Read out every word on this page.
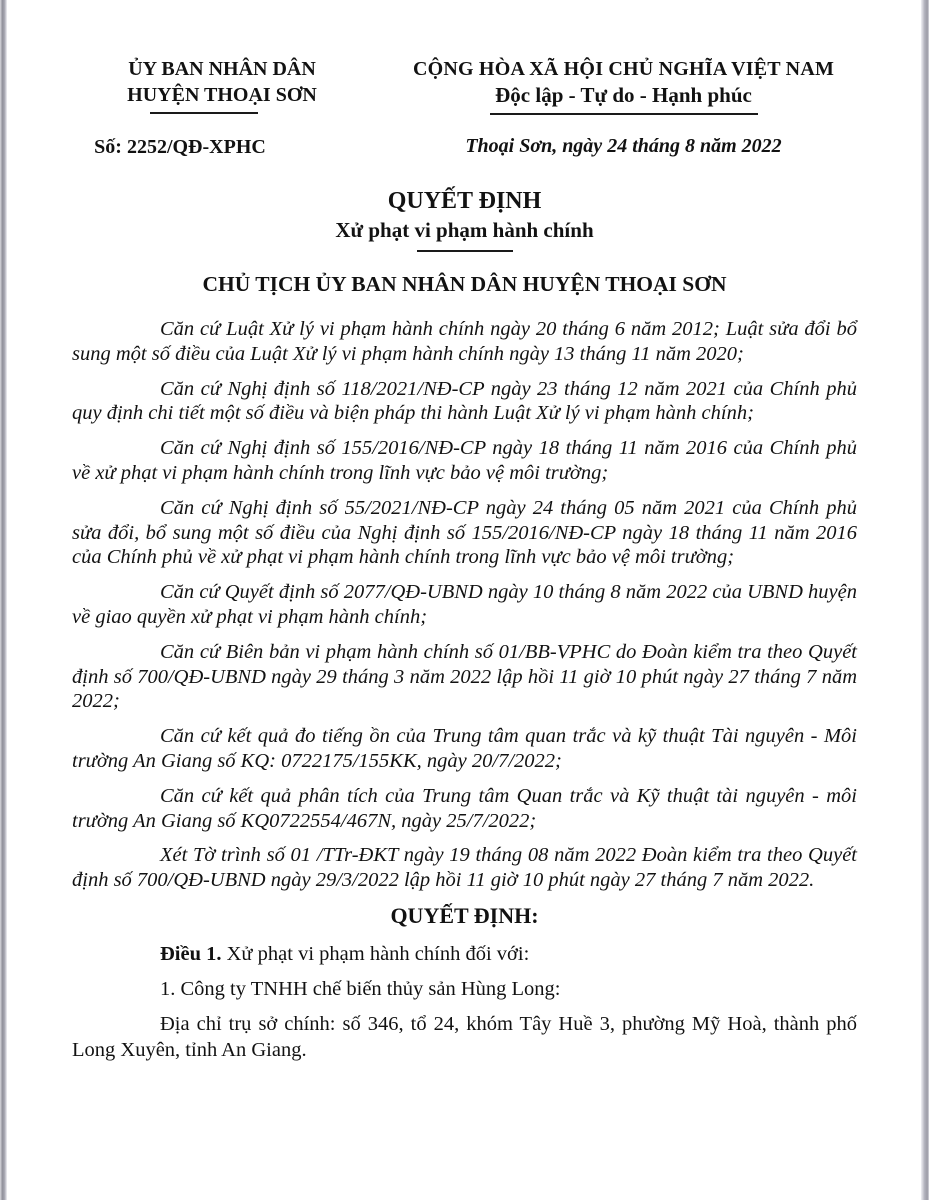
ỦY BAN NHÂN DÂN
HUYỆN THOẠI SƠN
Số: 2252/QĐ-XPHC
CỘNG HÒA XÃ HỘI CHỦ NGHĨA VIỆT NAM
Độc lập - Tự do - Hạnh phúc
Thoại Sơn, ngày 24 tháng 8 năm 2022
QUYẾT ĐỊNH
Xử phạt vi phạm hành chính
CHỦ TỊCH ỦY BAN NHÂN DÂN HUYỆN THOẠI SƠN

Căn cứ Luật Xử lý vi phạm hành chính ngày 20 tháng 6 năm 2012; Luật sửa đổi bổ sung một số điều của Luật Xử lý vi phạm hành chính ngày 13 tháng 11 năm 2020;

Căn cứ Nghị định số 118/2021/NĐ-CP ngày 23 tháng 12 năm 2021 của Chính phủ quy định chi tiết một số điều và biện pháp thi hành Luật Xử lý vi phạm hành chính;

Căn cứ Nghị định số 155/2016/NĐ-CP ngày 18 tháng 11 năm 2016 của Chính phủ về xử phạt vi phạm hành chính trong lĩnh vực bảo vệ môi trường;

Căn cứ Nghị định số 55/2021/NĐ-CP ngày 24 tháng 05 năm 2021 của Chính phủ sửa đổi, bổ sung một số điều của Nghị định số 155/2016/NĐ-CP ngày 18 tháng 11 năm 2016 của Chính phủ về xử phạt vi phạm hành chính trong lĩnh vực bảo vệ môi trường;

Căn cứ Quyết định số 2077/QĐ-UBND ngày 10 tháng 8 năm 2022 của UBND huyện về giao quyền xử phạt vi phạm hành chính;

Căn cứ Biên bản vi phạm hành chính số 01/BB-VPHC do Đoàn kiểm tra theo Quyết định số 700/QĐ-UBND ngày 29 tháng 3 năm 2022 lập hồi 11 giờ 10 phút ngày 27 tháng 7 năm 2022;

Căn cứ kết quả đo tiếng ồn của Trung tâm quan trắc và kỹ thuật Tài nguyên - Môi trường An Giang số KQ: 0722175/155KK, ngày 20/7/2022;

Căn cứ kết quả phân tích của Trung tâm Quan trắc và Kỹ thuật tài nguyên - môi trường An Giang số KQ0722554/467N, ngày 25/7/2022;

Xét Tờ trình số 01 /TTr-ĐKT ngày 19 tháng 08 năm 2022 Đoàn kiểm tra theo Quyết định số 700/QĐ-UBND ngày 29/3/2022 lập hồi 11 giờ 10 phút ngày 27 tháng 7 năm 2022.

QUYẾT ĐỊNH:

Điều 1. Xử phạt vi phạm hành chính đối với:

1. Công ty TNHH chế biến thủy sản Hùng Long:

Địa chỉ trụ sở chính: số 346, tổ 24, khóm Tây Huề 3, phường Mỹ Hoà, thành phố Long Xuyên, tỉnh An Giang.
